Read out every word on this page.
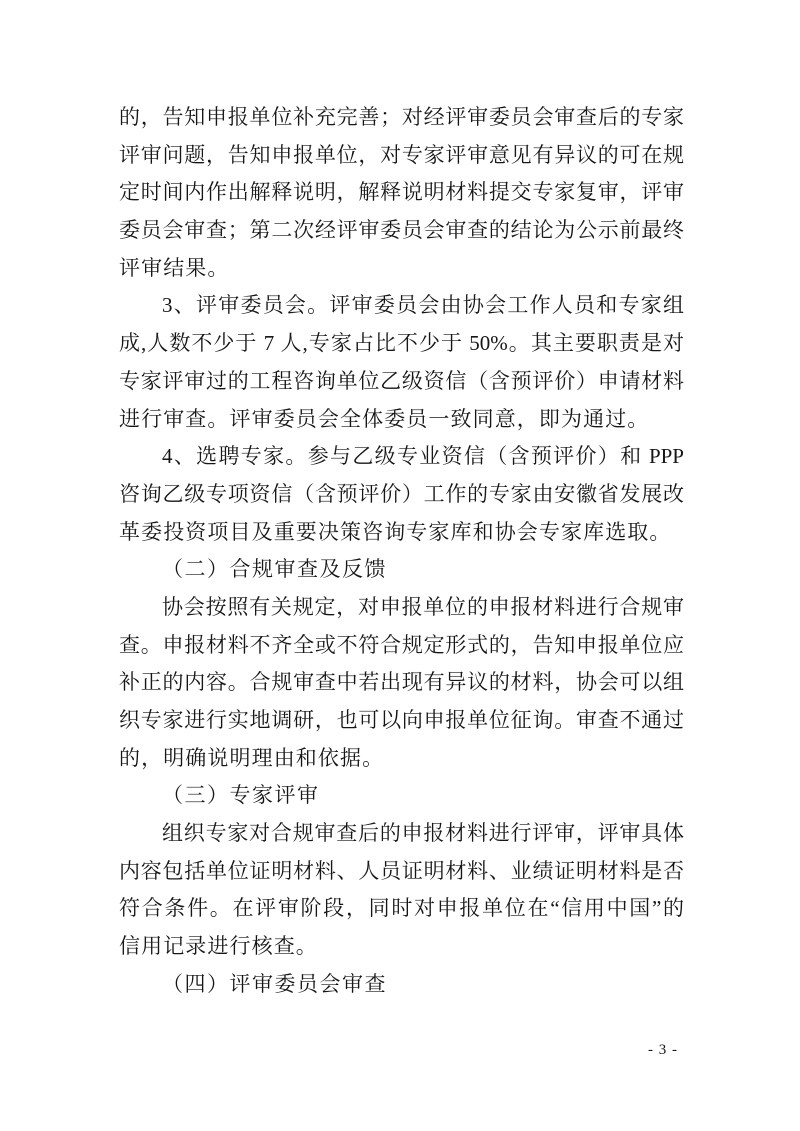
的，告知申报单位补充完善；对经评审委员会审查后的专家
评审问题，告知申报单位，对专家评审意见有异议的可在规
定时间内作出解释说明，解释说明材料提交专家复审，评审
委员会审查；第二次经评审委员会审查的结论为公示前最终
评审结果。
3、评审委员会。评审委员会由协会工作人员和专家组
成,人数不少于 7 人,专家占比不少于 50%。其主要职责是对
专家评审过的工程咨询单位乙级资信（含预评价）申请材料
进行审查。评审委员会全体委员一致同意，即为通过。
4、选聘专家。参与乙级专业资信（含预评价）和 PPP
咨询乙级专项资信（含预评价）工作的专家由安徽省发展改
革委投资项目及重要决策咨询专家库和协会专家库选取。
（二）合规审查及反馈
协会按照有关规定，对申报单位的申报材料进行合规审
查。申报材料不齐全或不符合规定形式的，告知申报单位应
补正的内容。合规审查中若出现有异议的材料，协会可以组
织专家进行实地调研，也可以向申报单位征询。审查不通过
的，明确说明理由和依据。
（三）专家评审
组织专家对合规审查后的申报材料进行评审，评审具体
内容包括单位证明材料、人员证明材料、业绩证明材料是否
符合条件。在评审阶段，同时对申报单位在“信用中国”的
信用记录进行核查。
（四）评审委员会审查
- 3 -
